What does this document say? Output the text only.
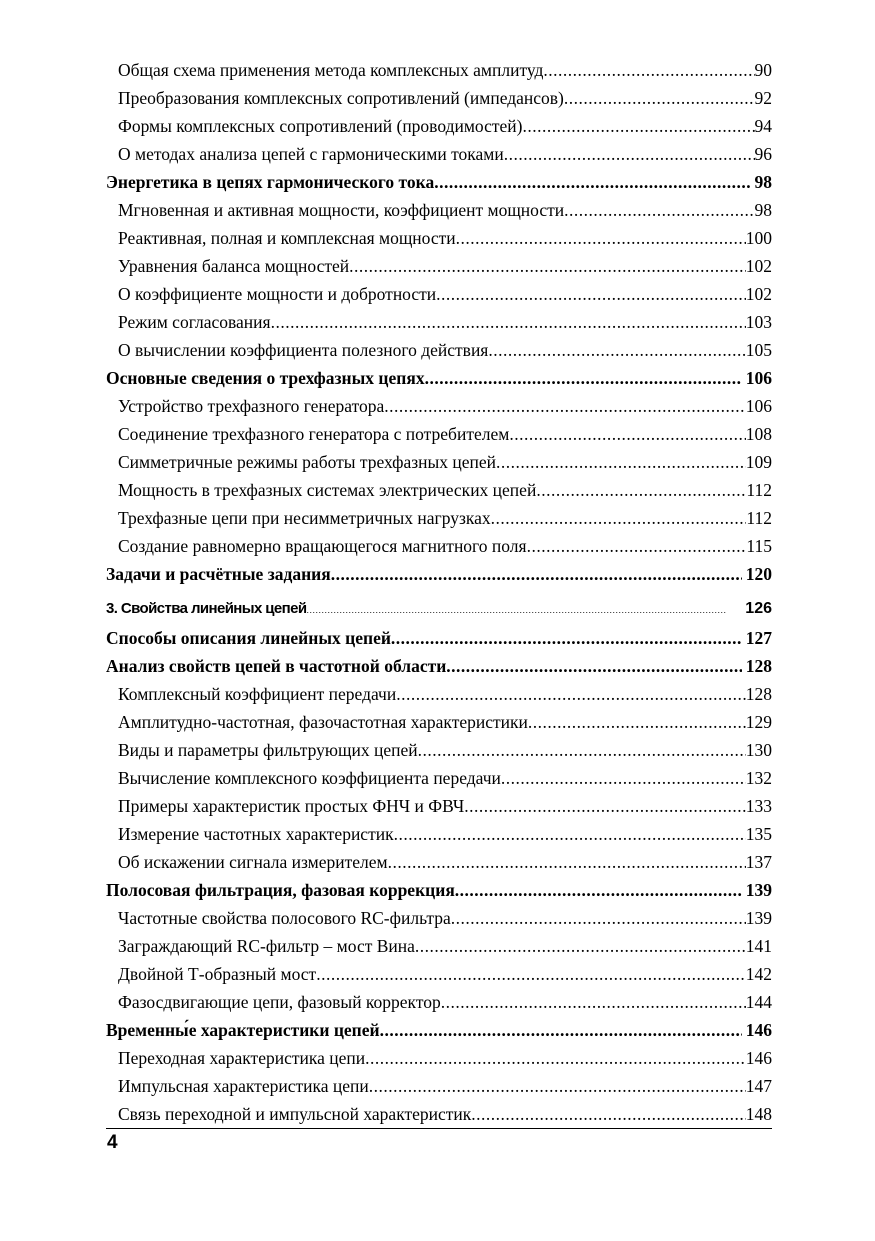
Общая схема применения метода комплексных амплитуд .....	90
Преобразования комплексных сопротивлений (импедансов) .....	92
Формы комплексных сопротивлений (проводимостей) .....	94
О методах анализа цепей с гармоническими токами .....	96
Энергетика в цепях гармонического тока .....	98
Мгновенная и активная мощности, коэффициент мощности .....	98
Реактивная, полная и комплексная мощности .....	100
Уравнения баланса мощностей .....	102
О коэффициенте мощности и добротности .....	102
Режим согласования .....	103
О вычислении коэффициента полезного действия .....	105
Основные сведения о трехфазных цепях .....	106
Устройство трехфазного генератора .....	106
Соединение трехфазного генератора с потребителем .....	108
Симметричные режимы работы трехфазных цепей .....	109
Мощность в трехфазных системах электрических цепей .....	112
Трехфазные цепи при несимметричных нагрузках .....	112
Создание равномерно вращающегося магнитного поля .....	115
Задачи и расчётные задания .....	120
3. Свойства линейных цепей .....	126
Способы описания линейных цепей .....	127
Анализ свойств цепей в частотной области .....	128
Комплексный коэффициент передачи .....	128
Амплитудно-частотная, фазочастотная характеристики .....	129
Виды и параметры фильтрующих цепей .....	130
Вычисление комплексного коэффициента передачи .....	132
Примеры характеристик простых ФНЧ и ФВЧ .....	133
Измерение частотных характеристик .....	135
Об искажении сигнала измерителем .....	137
Полосовая фильтрация, фазовая коррекция .....	139
Частотные свойства полосового RC-фильтра .....	139
Заграждающий RC-фильтр – мост Вина .....	141
Двойной Т-образный мост .....	142
Фазосдвигающие цепи, фазовый корректор .....	144
Временны́е характеристики цепей .....	146
Переходная характеристика цепи .....	146
Импульсная характеристика цепи .....	147
Связь переходной и импульсной характеристик .....	148
4
